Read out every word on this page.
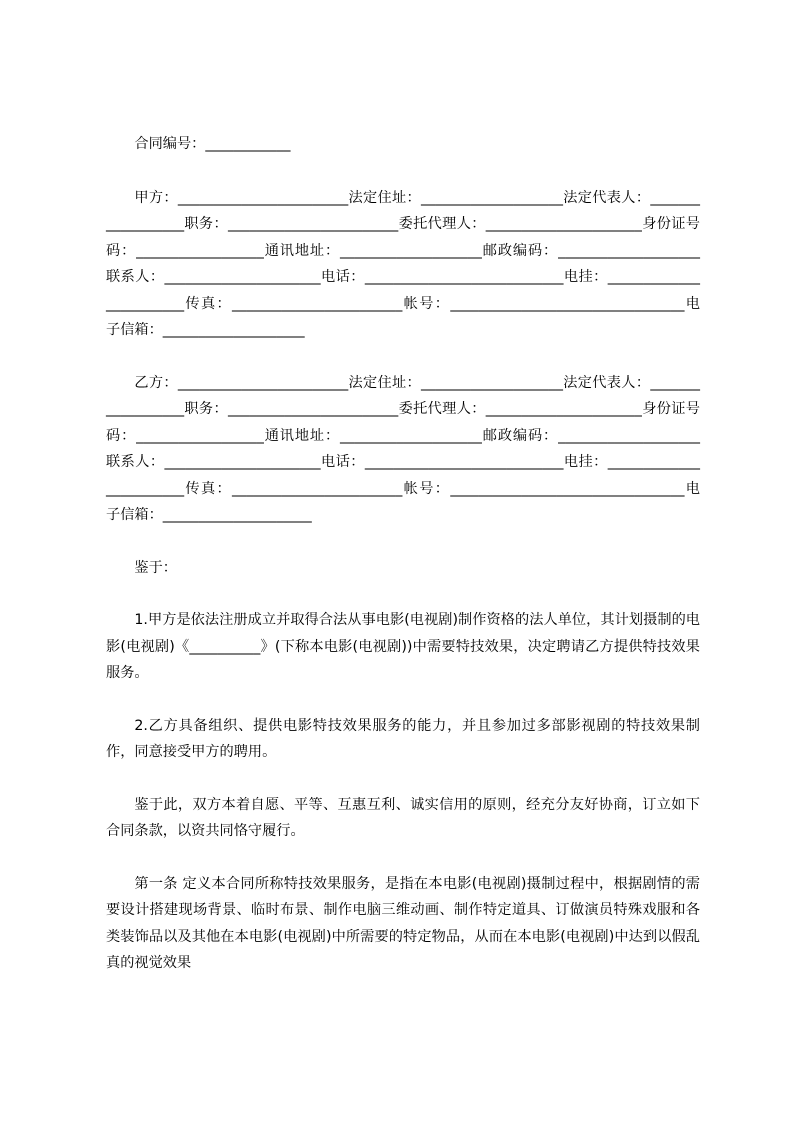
合同编号：____________

甲方：________________________法定住址：____________________法定代表人：__________________职务：________________________委托代理人：______________________身份证号码：__________________通讯地址：____________________邮政编码：____________________联系人：______________________电话：____________________________电挂：________________________传真：________________________帐号：_________________________________电子信箱：____________________

乙方：________________________法定住址：____________________法定代表人：__________________职务：________________________委托代理人：______________________身份证号码：__________________通讯地址：____________________邮政编码：____________________联系人：______________________电话：____________________________电挂：________________________传真：________________________帐号：_________________________________电子信箱：_____________________

鉴于：

1.甲方是依法注册成立并取得合法从事电影(电视剧)制作资格的法人单位，其计划摄制的电影(电视剧)《__________》(下称本电影(电视剧))中需要特技效果，决定聘请乙方提供特技效果服务。

2.乙方具备组织、提供电影特技效果服务的能力，并且参加过多部影视剧的特技效果制作，同意接受甲方的聘用。

鉴于此，双方本着自愿、平等、互惠互利、诚实信用的原则，经充分友好协商，订立如下合同条款，以资共同恪守履行。

第一条 定义本合同所称特技效果服务，是指在本电影(电视剧)摄制过程中，根据剧情的需要设计搭建现场背景、临时布景、制作电脑三维动画、制作特定道具、订做演员特殊戏服和各类装饰品以及其他在本电影(电视剧)中所需要的特定物品，从而在本电影(电视剧)中达到以假乱真的视觉效果
